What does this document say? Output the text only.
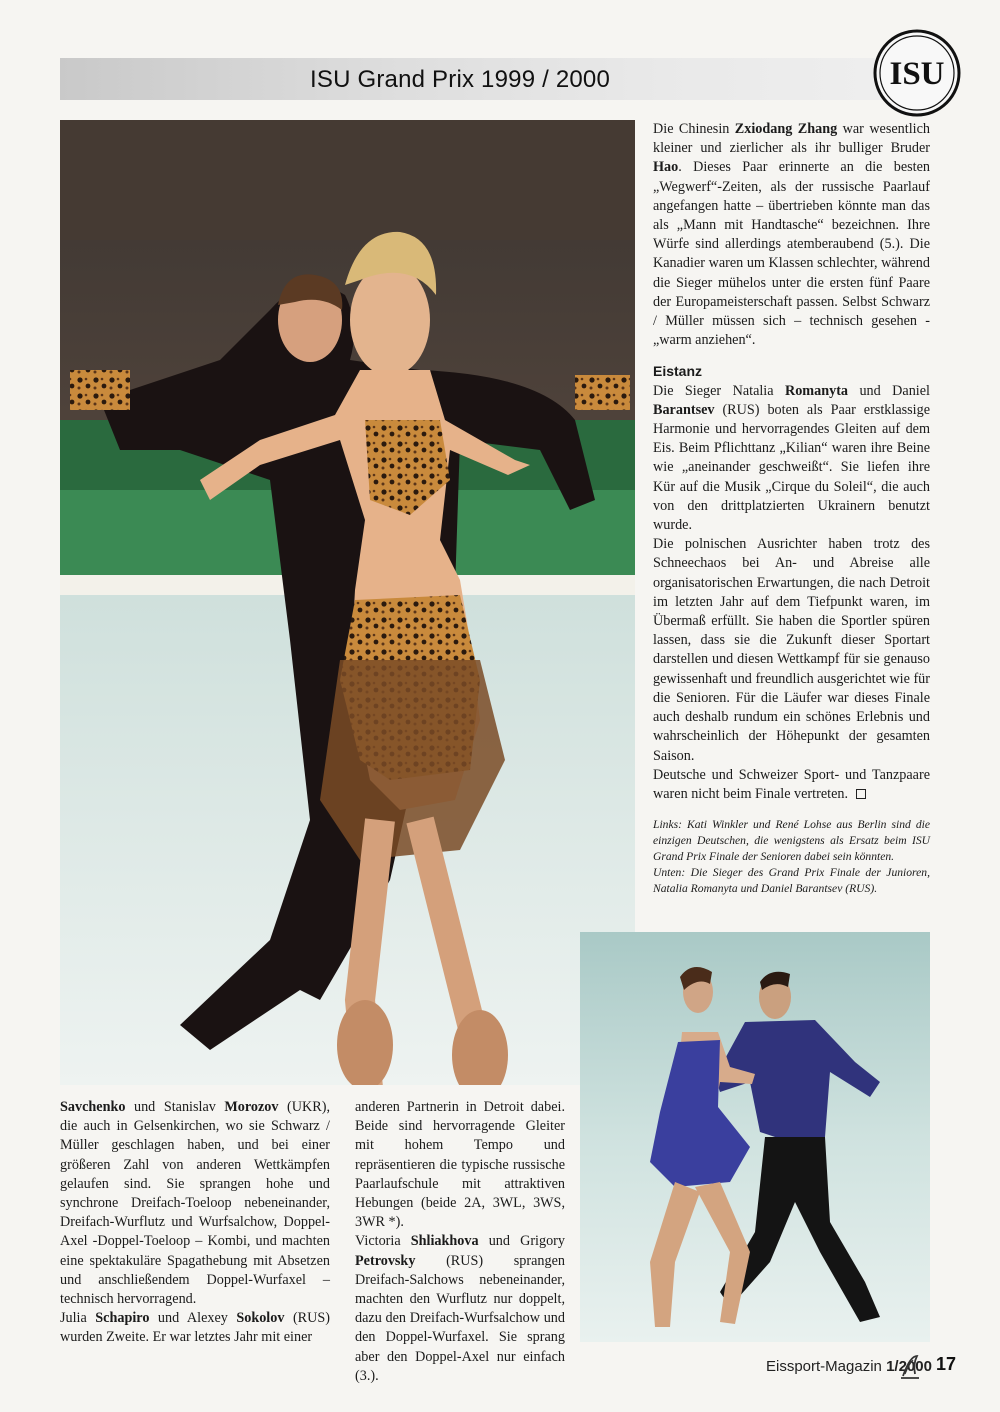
ISU Grand Prix 1999 / 2000	ISU

Die Chinesin Zxiodang Zhang war wesentlich kleiner und zierlicher als ihr bulliger Bruder Hao. Dieses Paar erinnerte an die besten „Wegwerf“-Zeiten, als der russische Paarlauf angefangen hatte – übertrieben könnte man das als „Mann mit Handtasche“ bezeichnen. Ihre Würfe sind allerdings atemberaubend (5.). Die Kanadier waren um Klassen schlechter, während die Sieger mühelos unter die ersten fünf Paare der Europameisterschaft passen. Selbst Schwarz / Müller müssen sich – technisch gesehen - „warm anziehen“.

Eistanz

Die Sieger Natalia Romanyta und Daniel Barantsev (RUS) boten als Paar erstklassige Harmonie und hervorragendes Gleiten auf dem Eis. Beim Pflichttanz „Kilian“ waren ihre Beine wie „aneinander geschweißt“. Sie liefen ihre Kür auf die Musik „Cirque du Soleil“, die auch von den drittplatzierten Ukrainern benutzt wurde.

Die polnischen Ausrichter haben trotz des Schneechaos bei An- und Abreise alle organisatorischen Erwartungen, die nach Detroit im letzten Jahr auf dem Tiefpunkt waren, im Übermaß erfüllt. Sie haben die Sportler spüren lassen, dass sie die Zukunft dieser Sportart darstellen und diesen Wettkampf für sie genauso gewissenhaft und freundlich ausgerichtet wie für die Senioren. Für die Läufer war dieses Finale auch deshalb rundum ein schönes Erlebnis und wahrscheinlich der Höhepunkt der gesamten Saison.

Deutsche und Schweizer Sport- und Tanzpaare waren nicht beim Finale vertreten.

Links: Kati Winkler und René Lohse aus Berlin sind die einzigen Deutschen, die wenigstens als Ersatz beim ISU Grand Prix Finale der Senioren dabei sein könnten.

Unten: Die Sieger des Grand Prix Finale der Junioren, Natalia Romanyta und Daniel Barantsev (RUS).

Savchenko und Stanislav Morozov (UKR), die auch in Gelsenkirchen, wo sie Schwarz / Müller geschlagen haben, und bei einer größeren Zahl von anderen Wettkämpfen gelaufen sind. Sie sprangen hohe und synchrone Dreifach-Toeloop nebeneinander, Dreifach-Wurflutz und Wurfsalchow, Doppel-Axel -Doppel-Toeloop – Kombi, und machten eine spektakuläre Spagathebung mit Absetzen und anschließendem Doppel-Wurfaxel – technisch hervorragend.

Julia Schapiro und Alexey Sokolov (RUS) wurden Zweite. Er war letztes Jahr mit einer

anderen Partnerin in Detroit dabei. Beide sind hervorragende Gleiter mit hohem Tempo und repräsentieren die typische russische Paarlaufschule mit attraktiven Hebungen (beide 2A, 3WL, 3WS, 3WR *).

Victoria Shliakhova und Grigory Petrovsky (RUS) sprangen Dreifach-Salchows nebeneinander, machten den Wurflutz nur doppelt, dazu den Dreifach-Wurfsalchow und den Doppel-Wurfaxel. Sie sprang aber den Doppel-Axel nur einfach (3.).

Eissport-Magazin 1/2000 17
